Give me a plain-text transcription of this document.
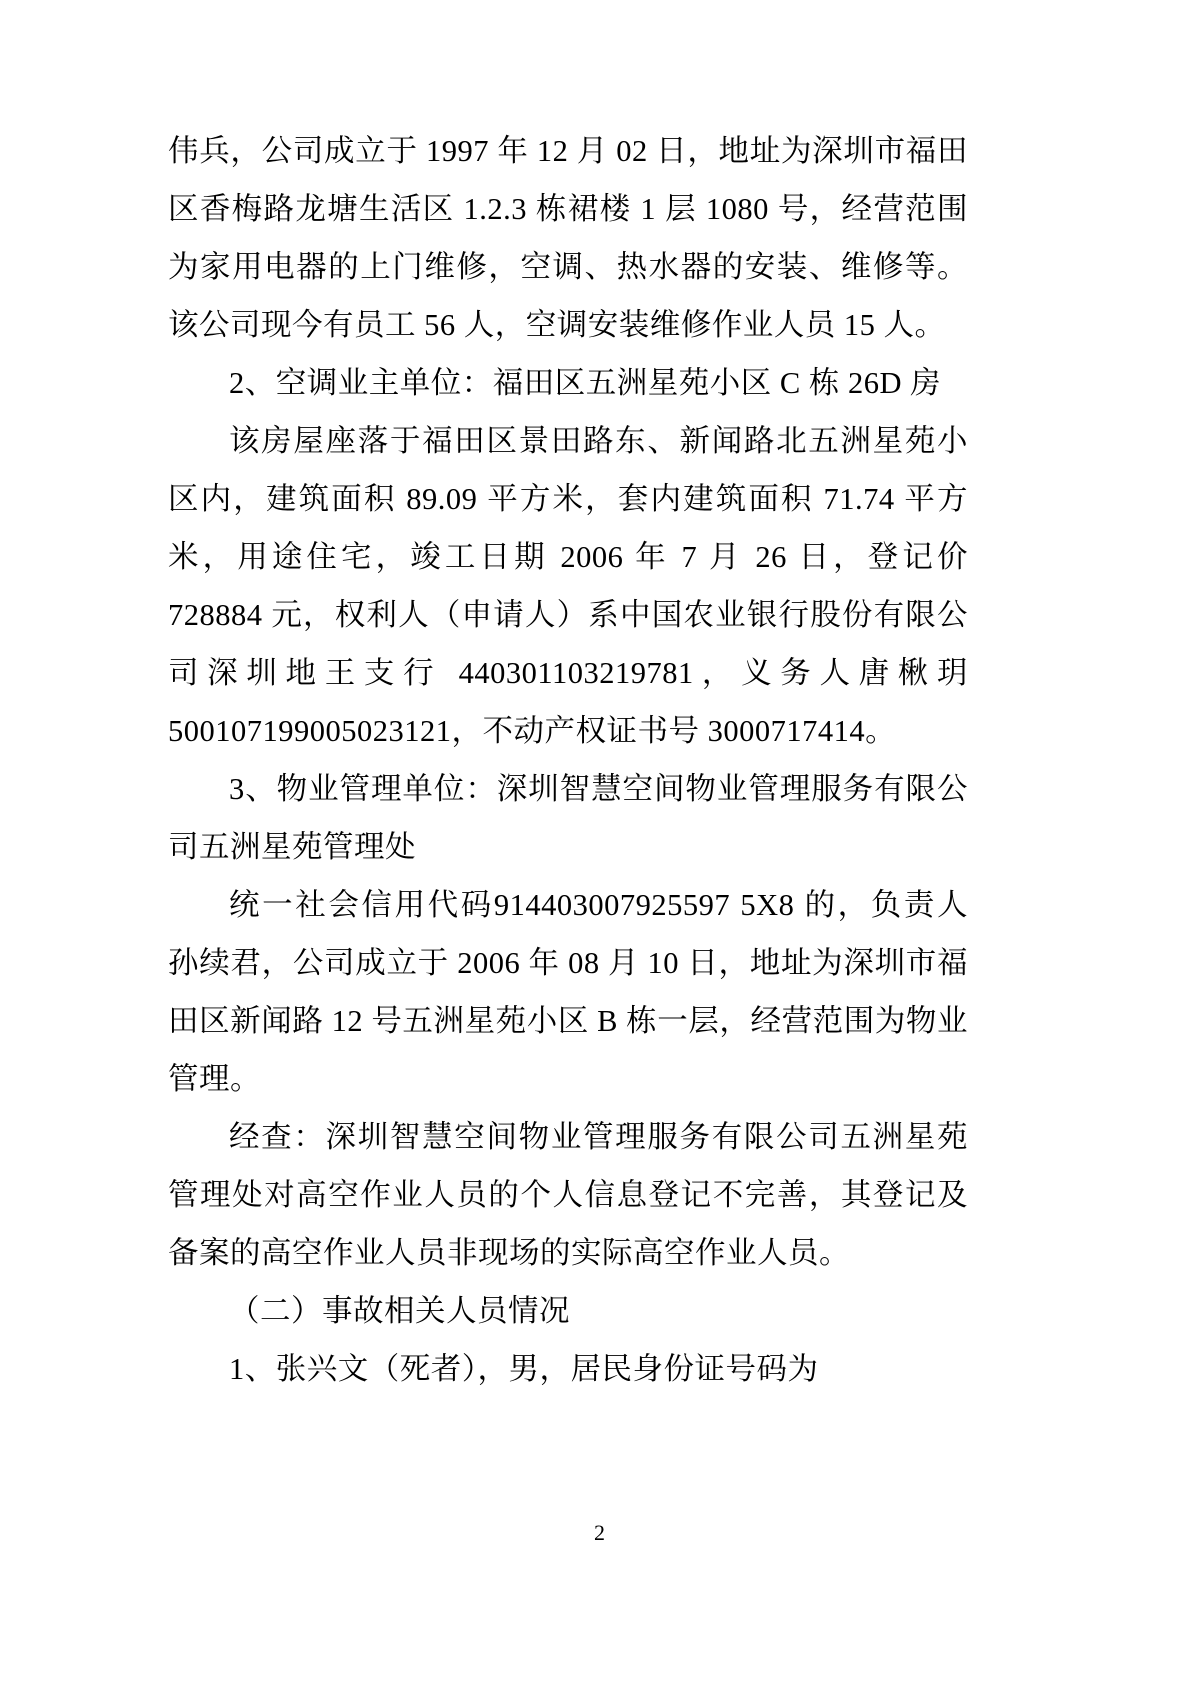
伟兵，公司成立于 1997 年 12 月 02 日，地址为深圳市福田区香梅路龙塘生活区 1.2.3 栋裙楼 1 层 1080 号，经营范围为家用电器的上门维修，空调、热水器的安装、维修等。该公司现今有员工 56 人，空调安装维修作业人员 15 人。

2、空调业主单位：福田区五洲星苑小区 C 栋 26D 房

该房屋座落于福田区景田路东、新闻路北五洲星苑小区内，建筑面积 89.09 平方米，套内建筑面积 71.74 平方米，用途住宅，竣工日期 2006 年 7 月 26 日，登记价 728884 元，权利人（申请人）系中国农业银行股份有限公司深圳地王支行 440301103219781，义务人唐楸玥 500107199005023121，不动产权证书号 3000717414。

3、物业管理单位：深圳智慧空间物业管理服务有限公司五洲星苑管理处

统一社会信用代码914403007925597 5X8 的，负责人孙续君，公司成立于 2006 年 08 月 10 日，地址为深圳市福田区新闻路 12 号五洲星苑小区 B 栋一层，经营范围为物业管理。

经查：深圳智慧空间物业管理服务有限公司五洲星苑管理处对高空作业人员的个人信息登记不完善，其登记及备案的高空作业人员非现场的实际高空作业人员。

（二）事故相关人员情况

1、张兴文（死者），男，居民身份证号码为

2
